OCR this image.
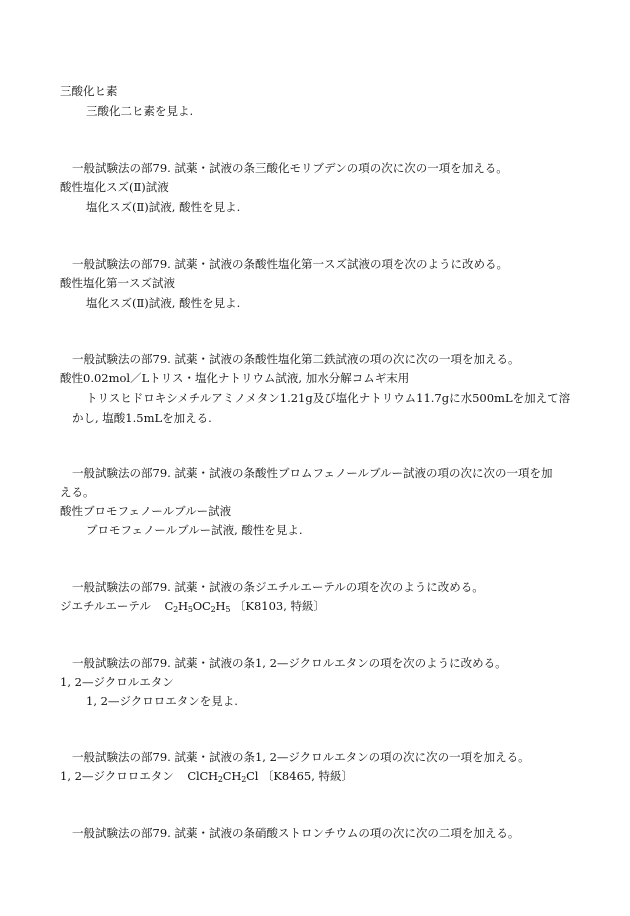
三酸化ヒ素
三酸化二ヒ素を見よ.
一般試験法の部79. 試薬・試液の条三酸化モリブデンの項の次に次の一項を加える。
酸性塩化スズ(Ⅱ)試液
塩化スズ(Ⅱ)試液, 酸性を見よ.
一般試験法の部79. 試薬・試液の条酸性塩化第一スズ試液の項を次のように改める。
酸性塩化第一スズ試液
塩化スズ(Ⅱ)試液, 酸性を見よ.
一般試験法の部79. 試薬・試液の条酸性塩化第二鉄試液の項の次に次の一項を加える。
酸性0.02mol／Lトリス・塩化ナトリウム試液, 加水分解コムギ末用
トリスヒドロキシメチルアミノメタン1.21g及び塩化ナトリウム11.7gに水500mLを加えて溶
かし, 塩酸1.5mLを加える.
一般試験法の部79. 試薬・試液の条酸性ブロムフェノールブルー試液の項の次に次の一項を加
える。
酸性ブロモフェノールブルー試液
ブロモフェノールブルー試液, 酸性を見よ.
一般試験法の部79. 試薬・試液の条ジエチルエーテルの項を次のように改める。
ジエチルエーテル $C_2H_5OC_2H_5$ 〔K8103, 特級〕
一般試験法の部79. 試薬・試液の条1, 2—ジクロルエタンの項を次のように改める。
1, 2—ジクロルエタン
1, 2—ジクロロエタンを見よ.
一般試験法の部79. 試薬・試液の条1, 2—ジクロルエタンの項の次に次の一項を加える。
1, 2—ジクロロエタン $ClCH_2CH_2Cl$ 〔K8465, 特級〕
一般試験法の部79. 試薬・試液の条硝酸ストロンチウムの項の次に次の二項を加える。
